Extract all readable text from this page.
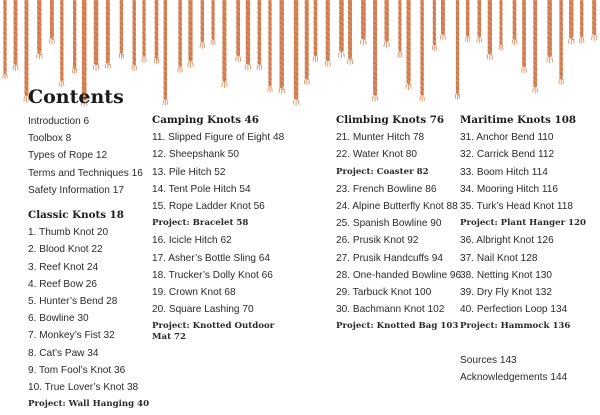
Contents
Introduction 6
Toolbox 8
Types of Rope 12
Terms and Techniques 16
Safety Information 17
Classic Knots 18
1. Thumb Knot 20
2. Blood Knot 22
3. Reef Knot 24
4. Reef Bow 26
5. Hunter’s Bend 28
6. Bowline 30
7. Monkey’s Fist 32
8. Cat’s Paw 34
9. Tom Fool’s Knot 36
10. True Lover’s Knot 38
Project: Wall Hanging 40
Camping Knots 46
11. Slipped Figure of Eight 48
12. Sheepshank 50
13. Pile Hitch 52
14. Tent Pole Hitch 54
15. Rope Ladder Knot 56
Project: Bracelet 58
16. Icicle Hitch 62
17. Asher’s Bottle Sling 64
18. Trucker’s Dolly Knot 66
19. Crown Knot 68
20. Square Lashing 70
Project: Knotted Outdoor Mat 72
Climbing Knots 76
21. Munter Hitch 78
22. Water Knot 80
Project: Coaster 82
23. French Bowline 86
24. Alpine Butterfly Knot 88
25. Spanish Bowline 90
26. Prusik Knot 92
27. Prusik Handcuffs 94
28. One-handed Bowline 96
29. Tarbuck Knot 100
30. Bachmann Knot 102
Project: Knotted Bag 103
Maritime Knots 108
31. Anchor Bend 110
32. Carrick Bend 112
33. Boom Hitch 114
34. Mooring Hitch 116
35. Turk’s Head Knot 118
Project: Plant Hanger 120
36. Albright Knot 126
37. Nail Knot 128
38. Netting Knot 130
39. Dry Fly Knot 132
40. Perfection Loop 134
Project: Hammock 136
Sources 143
Acknowledgements 144
